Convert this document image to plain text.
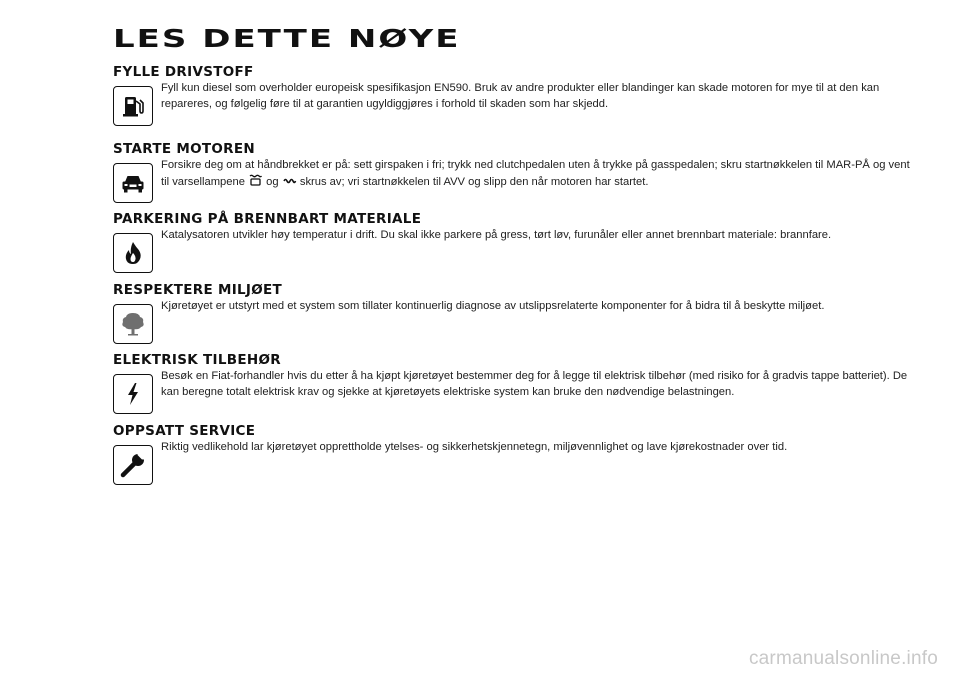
LES DETTE NØYE
FYLLE DRIVSTOFF
Fyll kun diesel som overholder europeisk spesifikasjon EN590. Bruk av andre produkter eller blandinger kan skade motoren for mye til at den kan repareres, og følgelig føre til at garantien ugyldiggjøres i forhold til skaden som har skjedd.
STARTE MOTOREN
Forsikre deg om at håndbrekket er på: sett girspaken i fri; trykk ned clutchpedalen uten å trykke på gasspedalen; skru startnøkkelen til MAR-PÅ og vent til varsellampene og skrus av; vri startnøkkelen til AVV og slipp den når motoren har startet.
PARKERING PÅ BRENNBART MATERIALE
Katalysatoren utvikler høy temperatur i drift. Du skal ikke parkere på gress, tørt løv, furunåler eller annet brennbart materiale: brannfare.
RESPEKTERE MILJØET
Kjøretøyet er utstyrt med et system som tillater kontinuerlig diagnose av utslippsrelaterte komponenter for å bidra til å beskytte miljøet.
ELEKTRISK TILBEHØR
Besøk en Fiat-forhandler hvis du etter å ha kjøpt kjøretøyet bestemmer deg for å legge til elektrisk tilbehør (med risiko for å gradvis tappe batteriet). De kan beregne totalt elektrisk krav og sjekke at kjøretøyets elektriske system kan bruke den nødvendige belastningen.
OPPSATT SERVICE
Riktig vedlikehold lar kjøretøyet opprettholde ytelses- og sikkerhetskjennetegn, miljøvennlighet og lave kjørekostnader over tid.
carmanualsonline.info
